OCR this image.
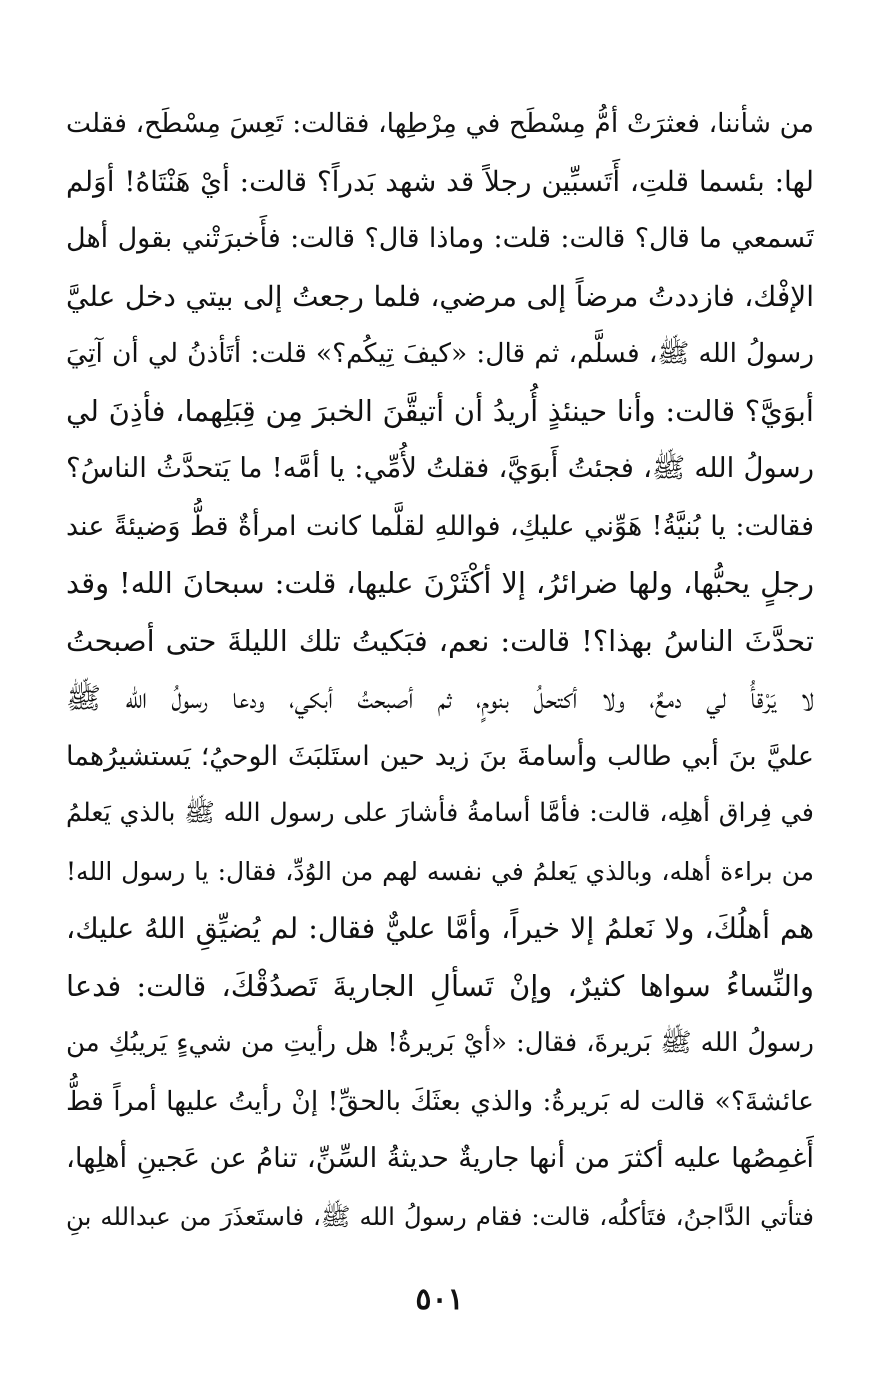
من شأننا، فعثرَتْ أمُّ مِسْطَح في مِرْطِها، فقالت: تَعِسَ مِسْطَح، فقلت
لها: بئسما قلتِ، أَتَسبِّين رجلاً قد شهد بَدراً؟ قالت: أيْ هَنْتَاهُ! أوَلم
تَسمعي ما قال؟ قالت: قلت: وماذا قال؟ قالت: فأَخبرَتْني بقول أهل
الإفْك، فازددتُ مرضاً إلى مرضي، فلما رجعتُ إلى بيتي دخل عليَّ
رسولُ الله ﷺ، فسلَّم، ثم قال: «كيفَ تِيكُم؟» قلت: أتَأذنُ لي أن آتِيَ
أبوَيَّ؟ قالت: وأنا حينئذٍ أُريدُ أن أتيقَّنَ الخبرَ مِن قِبَلِهما، فأذِنَ لي
رسولُ الله ﷺ، فجئتُ أَبوَيَّ، فقلتُ لأُمِّي: يا أمَّه! ما يَتحدَّثُ الناسُ؟
فقالت: يا بُنيَّةُ! هَوِّني عليكِ، فواللهِ لقلَّما كانت امرأةٌ قطُّ وَضيئةً عند
رجلٍ يحبُّها، ولها ضرائرُ، إلا أكْثَرْنَ عليها، قلت: سبحانَ الله! وقد
تحدَّثَ الناسُ بهذا؟! قالت: نعم، فبَكيتُ تلك الليلةَ حتى أصبحتُ
لا يَرْقأُ لي دمعٌ، ولا أكتحلُ بنومٍ، ثم أصبحتُ أبكي، ودعا رسولُ الله ﷺ
عليَّ بنَ أبي طالب وأسامةَ بنَ زيد حين استَلبَثَ الوحيُ؛ يَستشيرُهما
في فِراق أهلِه، قالت: فأمَّا أسامةُ فأشارَ على رسول الله ﷺ بالذي يَعلمُ
من براءة أهله، وبالذي يَعلمُ في نفسه لهم من الوُدِّ، فقال: يا رسول الله!
هم أهلُكَ، ولا نَعلمُ إلا خيراً، وأمَّا عليٌّ فقال: لم يُضيِّقِ اللهُ عليك،
والنِّساءُ سواها كثيرٌ، وإنْ تَسألِ الجاريةَ تَصدُقْكَ، قالت: فدعا
رسولُ الله ﷺ بَريرةَ، فقال: «أيْ بَريرةُ! هل رأيتِ من شيءٍ يَريبُكِ من
عائشةَ؟» قالت له بَريرةُ: والذي بعثَكَ بالحقِّ! إنْ رأيتُ عليها أمراً قطُّ
أَغمِصُها عليه أكثرَ من أنها جاريةٌ حديثةُ السِّنِّ، تنامُ عن عَجينِ أهلِها،
فتأتي الدَّاجنُ، فتَأكلُه، قالت: فقام رسولُ الله ﷺ، فاستَعذَرَ من عبدالله بنِ
٥٠١
